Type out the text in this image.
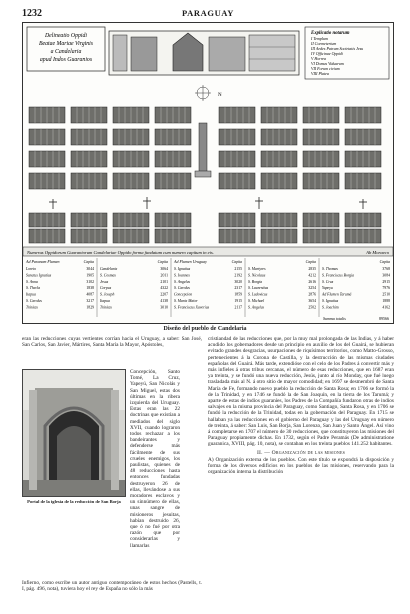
1232	PARAGUAY
Delineatio Oppidi
Beatae Mariae Virginis
a Candelaria
apud Indos Guaranios
Explicatio notarum
I Templum
II Coemeterium
III Aedes Patrum Societatis Jesu
IV Officinae Oppidi
V Horrea
VI Domus Viduarum
VII Forum civium
VIII Platea
N
Numerus Oppidorum Guaraniorum Candelariae Oppido forma fundatum cum numero capitum in eis.	Ab Moraeco
Ad Paranam Flumen	Capita
Loreto	3044
Sanctus Ignatius	1905
S. Anna	3102
S. Thecla	1838
Itapua	4087
S. Carolus	3217
Trinitas	1829
Capita
Candelaria	3064
S. Cosmas	2011
Jesus	2101
Corpus	4322
S. Joseph	2207
Itapua	4138
Trinitas	3010
Ad Flumen Uruguay	Capita
S. Ignatius	2155
S. Ioannes	2192
S. Angelus	3020
S. Carolus	2317
Concepcion	1859
S. Maria Maior	1915
S. Franciscus Xaverius	2117
Capita
S. Martyres	2835
S. Nicolaus	4212
S. Borgia	2616
S. Laurentius	3254
S. Ludovicus	2876
S. Michael	3654
S. Angelus	2502
Capita
S. Thomas	3768
S. Franciscus Borgia	3084
S. Cruz	2915
Yapeyu	7976
Ad Flumen Tarumá	2510
S. Ignatius	1888
S. Joachim	4162
Summa totalis	89566
Diseño del pueblo de Candelaria

eran las reducciones cuyas vertientes corrían hacia el Uruguay, a saber: San José, San Carlos, San Javier, Mártires, Santa María la Mayor, Apóstoles,

Portal de la iglesia de la reducción de San Borja

Concepción, Santo Tomé, La Cruz, Yapeyú, San Nicolás y San Miguel, estas dos últimas en la ribera izquierda del Uruguay. Estas eran las 22 doctrinas que existían a mediados del siglo XVII, cuando lograron todos rechazar a los bandeirantes y defenderse más fácilmente de sus crueles enemigos, los paulistas, quienes de 48 reducciones hasta entonces fundadas destruyeron 26 de ellas, llevándose a sus moradores esclavos y un sinnúmero de ellas, unas sangre de misioneros jesuitas, habían destruido 26, que ó no fué por otra razón que por considerarlas y llamarlas

cristiandad de las reducciones que, por la muy mal prolongada de las Indias, y á haber acudido los gobernadores desde un principio en auxilio de los del Guairá, se hubieran evitado grandes desgracias, usurpaciones de riquísimos territorios, como Matto-Grosso, pertenecientes á la Corona de Castilla, y la destrucción de las mismas ciudades españolas del Guairá. Más tarde, extendióse con el celo de los Padres á convertir más y más infieles á otras tribus cercanas, el número de esas reducciones, que en 1687 eran ya treinta, y se fundó una nueva reducción, Jesús, junto al río Monday, que fué luego trasladada más al N. á otro sitio de mayor comodidad; en 1697 se desmembró de Santa María de Fe, formando nuevo pueblo la reducción de Santa Rosa; en 1706 se formó la de la Trinidad, y en 1746 se fundó la de San Joaquín, en la tierra de los Tarumá; y aparte de estas de indios guaraníes, los Padres de la Compañía fundaron otras de indios salvajes en la misma provincia del Paraguay, como Santiago, Santa Rosa, y en 1706 se fundó la reducción de la Trinidad, todas en la gobernación del Paraguay. En 1715 se hallaban ya las reducciones en el gobierno del Paraguay y las del Uruguay en número de treinta, á saber: San Luis, San Borja, San Lorenzo, San Juan y Santo Ángel. Así vino á completarse en 1707 el número de 30 reducciones, que constituyeron las misiones del Paraguay propiamente dichas. En 1732, según el Padre Peramás (De administratione guaranica, XVIII, pág. 10, nota), se contaban en los treinta pueblos 141.252 habitantes.

II. — Organización de las misiones

A) Organización externa de los pueblos. Con este título se expondrá la disposición y forma de los diversos edificios en los pueblos de las misiones, reservando para la organización interna la distribución

Infierno, como escribe un autor antiguo contemporáneo de estos hechos (Pastells, t. I, pág. 496, nota), tuviera hoy el rey de España no sólo la más
